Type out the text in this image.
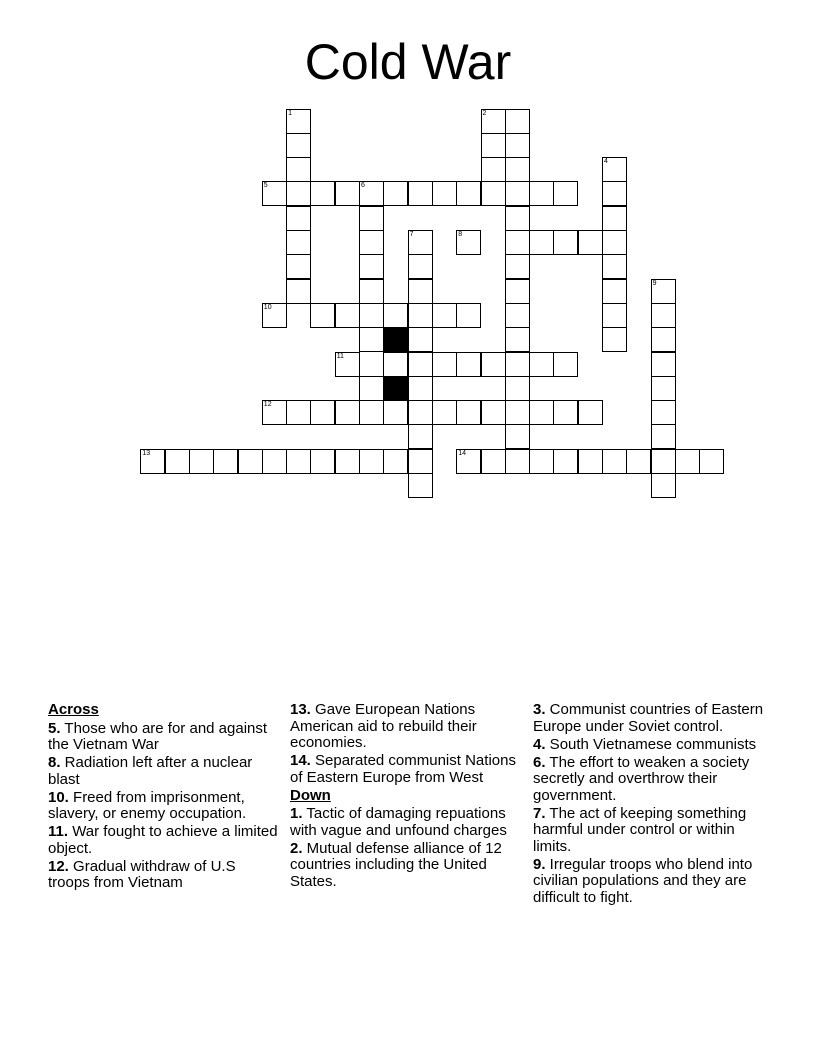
Cold War
1	2
4
5	6
7	8
9
10
11
12
13	14
Across
5. Those who are for and against the Vietnam War
8. Radiation left after a nuclear blast
10. Freed from imprisonment, slavery, or enemy occupation.
11. War fought to achieve a limited object.
12. Gradual withdraw of U.S troops from Vietnam
13. Gave European Nations American aid to rebuild their economies.
14. Separated communist Nations of Eastern Europe from West
Down
1. Tactic of damaging repuations with vague and unfound charges
2. Mutual defense alliance of 12 countries including the United States.
3. Communist countries of Eastern Europe under Soviet control.
4. South Vietnamese communists
6. The effort to weaken a society secretly and overthrow their government.
7. The act of keeping something harmful under control or within limits.
9. Irregular troops who blend into civilian populations and they are difficult to fight.
